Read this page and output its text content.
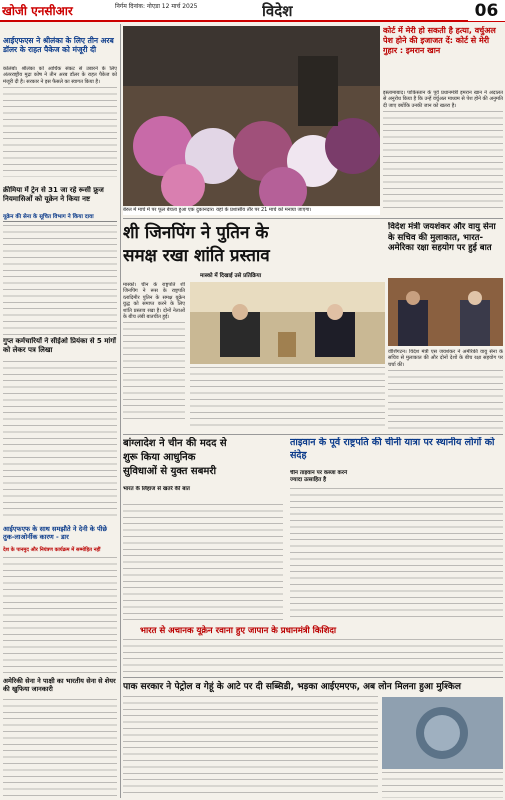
खोजी एनसीआर	निर्गम दिनांक: नोएडा 12 मार्च 2025	विदेश	06
आईएफएस ने श्रीलंका के लिए तीन अरब डॉलर के राहत पैकेज को मंजूरी दी
कोलंबो। श्रीलंका को आर्थिक संकट से उबारने के लिए अंतरराष्ट्रीय मुद्रा कोष ने तीन अरब डॉलर के राहत पैकेज को मंजूरी दी है। सरकार ने इस फैसले का स्वागत किया है।
क्रीमिया में ट्रेन से 31 जा रहे रूसी फ्रूज नियमासिओं को यूक्रेन ने किया नष्ट
यूक्रेन की सेना के सूचित विभाग ने किया दावा
गुप्त कर्मचारियों ने सीईओ प्रियंका से 5 मांगों को लेकर पत्र लिखा
आईएफएफ के साथ समझौते ने देनी के पीछे तुक-लाओर्नीक कारण - डार
देश के पानमुद और नियंत्रण कार्यक्रम में सम्मोहित नहीं
अमेरिकी सेना ने पाक्षी का भारतीय सेना से शेयर की खुफिया जानकारी
बेरुत में मार्च में पर फूल बेचता हुआ एक दुकानदार। यहां के प्रशासीय तौर पर 21 मार्च को मनाया जाएगा।
कोर्ट में मेरी हो सकती है हत्या, वर्चुअल पेश होने की इजाजत दें: कोर्ट से मेरी गुहार : इमरान खान
इस्लामाबाद। पाकिस्तान के पूर्व प्रधानमंत्री इमरान खान ने अदालत से अनुरोध किया है कि उन्हें वर्चुअल माध्यम से पेश होने की अनुमति दी जाए क्योंकि उनकी जान को खतरा है।
शी जिनपिंग ने पुतिन के
समक्ष रखा शांति प्रस्ताव
मास्को में दिखाई उसे प्रतिक्रिया
मास्को। चीन के राष्ट्रपति शी जिनपिंग ने रूस के राष्ट्रपति व्लादिमीर पुतिन के समक्ष यूक्रेन युद्ध को समाप्त करने के लिए शांति प्रस्ताव रखा है। दोनों नेताओं के बीच लंबी बातचीत हुई।
विदेश मंत्री जयशंकर और वायु सेना के सचिव की मुलाकात, भारत-अमेरिका रक्षा सहयोग पर हुई बात
वॉशिंगटन। विदेश मंत्री एस जयशंकर ने अमेरिकी वायु सेना के सचिव से मुलाकात की और दोनों देशों के बीच रक्षा सहयोग पर चर्चा की।
बांग्लादेश ने चीन की मदद से
शुरू किया आधुनिक
सुविधाओं से युक्त सबमरी
भारत के लिहाज से खतरे की बात
ताइवान के पूर्व राष्ट्रपति की चीनी यात्रा पर स्थानीय लोगों को संदेह
चीन ताइवान पर कब्जा करने ज्यादा उत्साहित है
भारत से अचानक यूक्रेन रवाना हुए जापान के प्रधानमंत्री किशिदा
पाक सरकार ने पेट्रोल व गेहूं के आटे पर दी सब्सिडी, भड़का आईएमएफ, अब लोन मिलना हुआ मुश्किल
